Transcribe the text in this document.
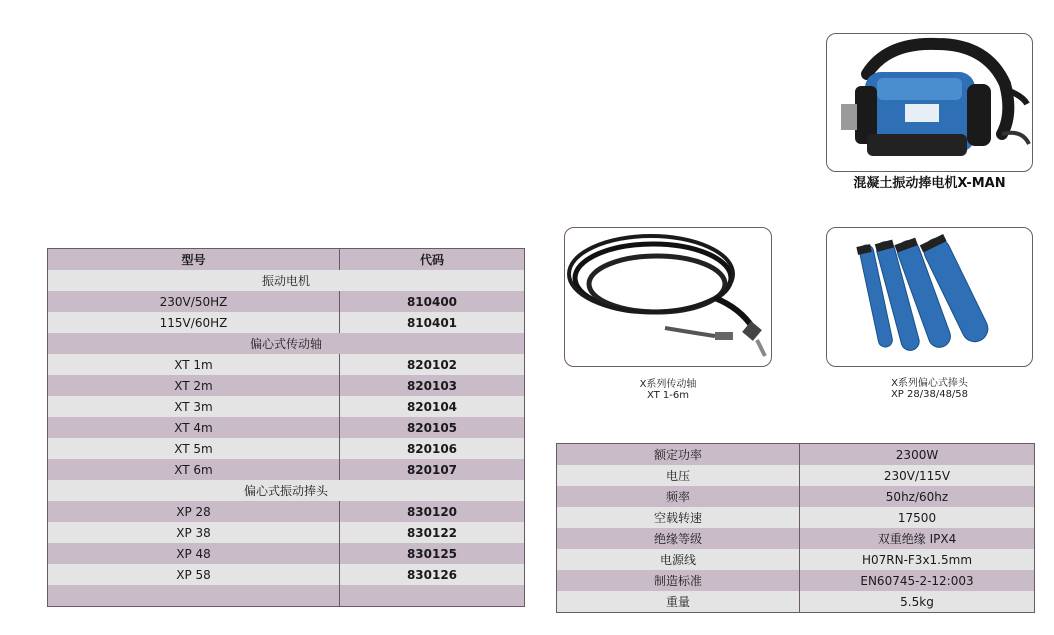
混凝土振动捧电机X-MAN
X系列传动轴
XT 1-6m
X系列偏心式捧头
XP 28/38/48/58
型号	代码
振动电机	
230V/50HZ	810400
115V/60HZ	810401
偏心式传动轴	
XT 1m	820102
XT 2m	820103
XT 3m	820104
XT 4m	820105
XT 5m	820106
XT 6m	820107
偏心式振动捧头	
XP 28	830120
XP 38	830122
XP 48	830125
XP 58	830126

额定功率	2300W
电压	230V/115V
频率	50hz/60hz
空载转速	17500
绝缘等级	双重绝缘 IPX4
电源线	H07RN-F3x1.5mm
制造标准	EN60745-2-12:003
重量	5.5kg
